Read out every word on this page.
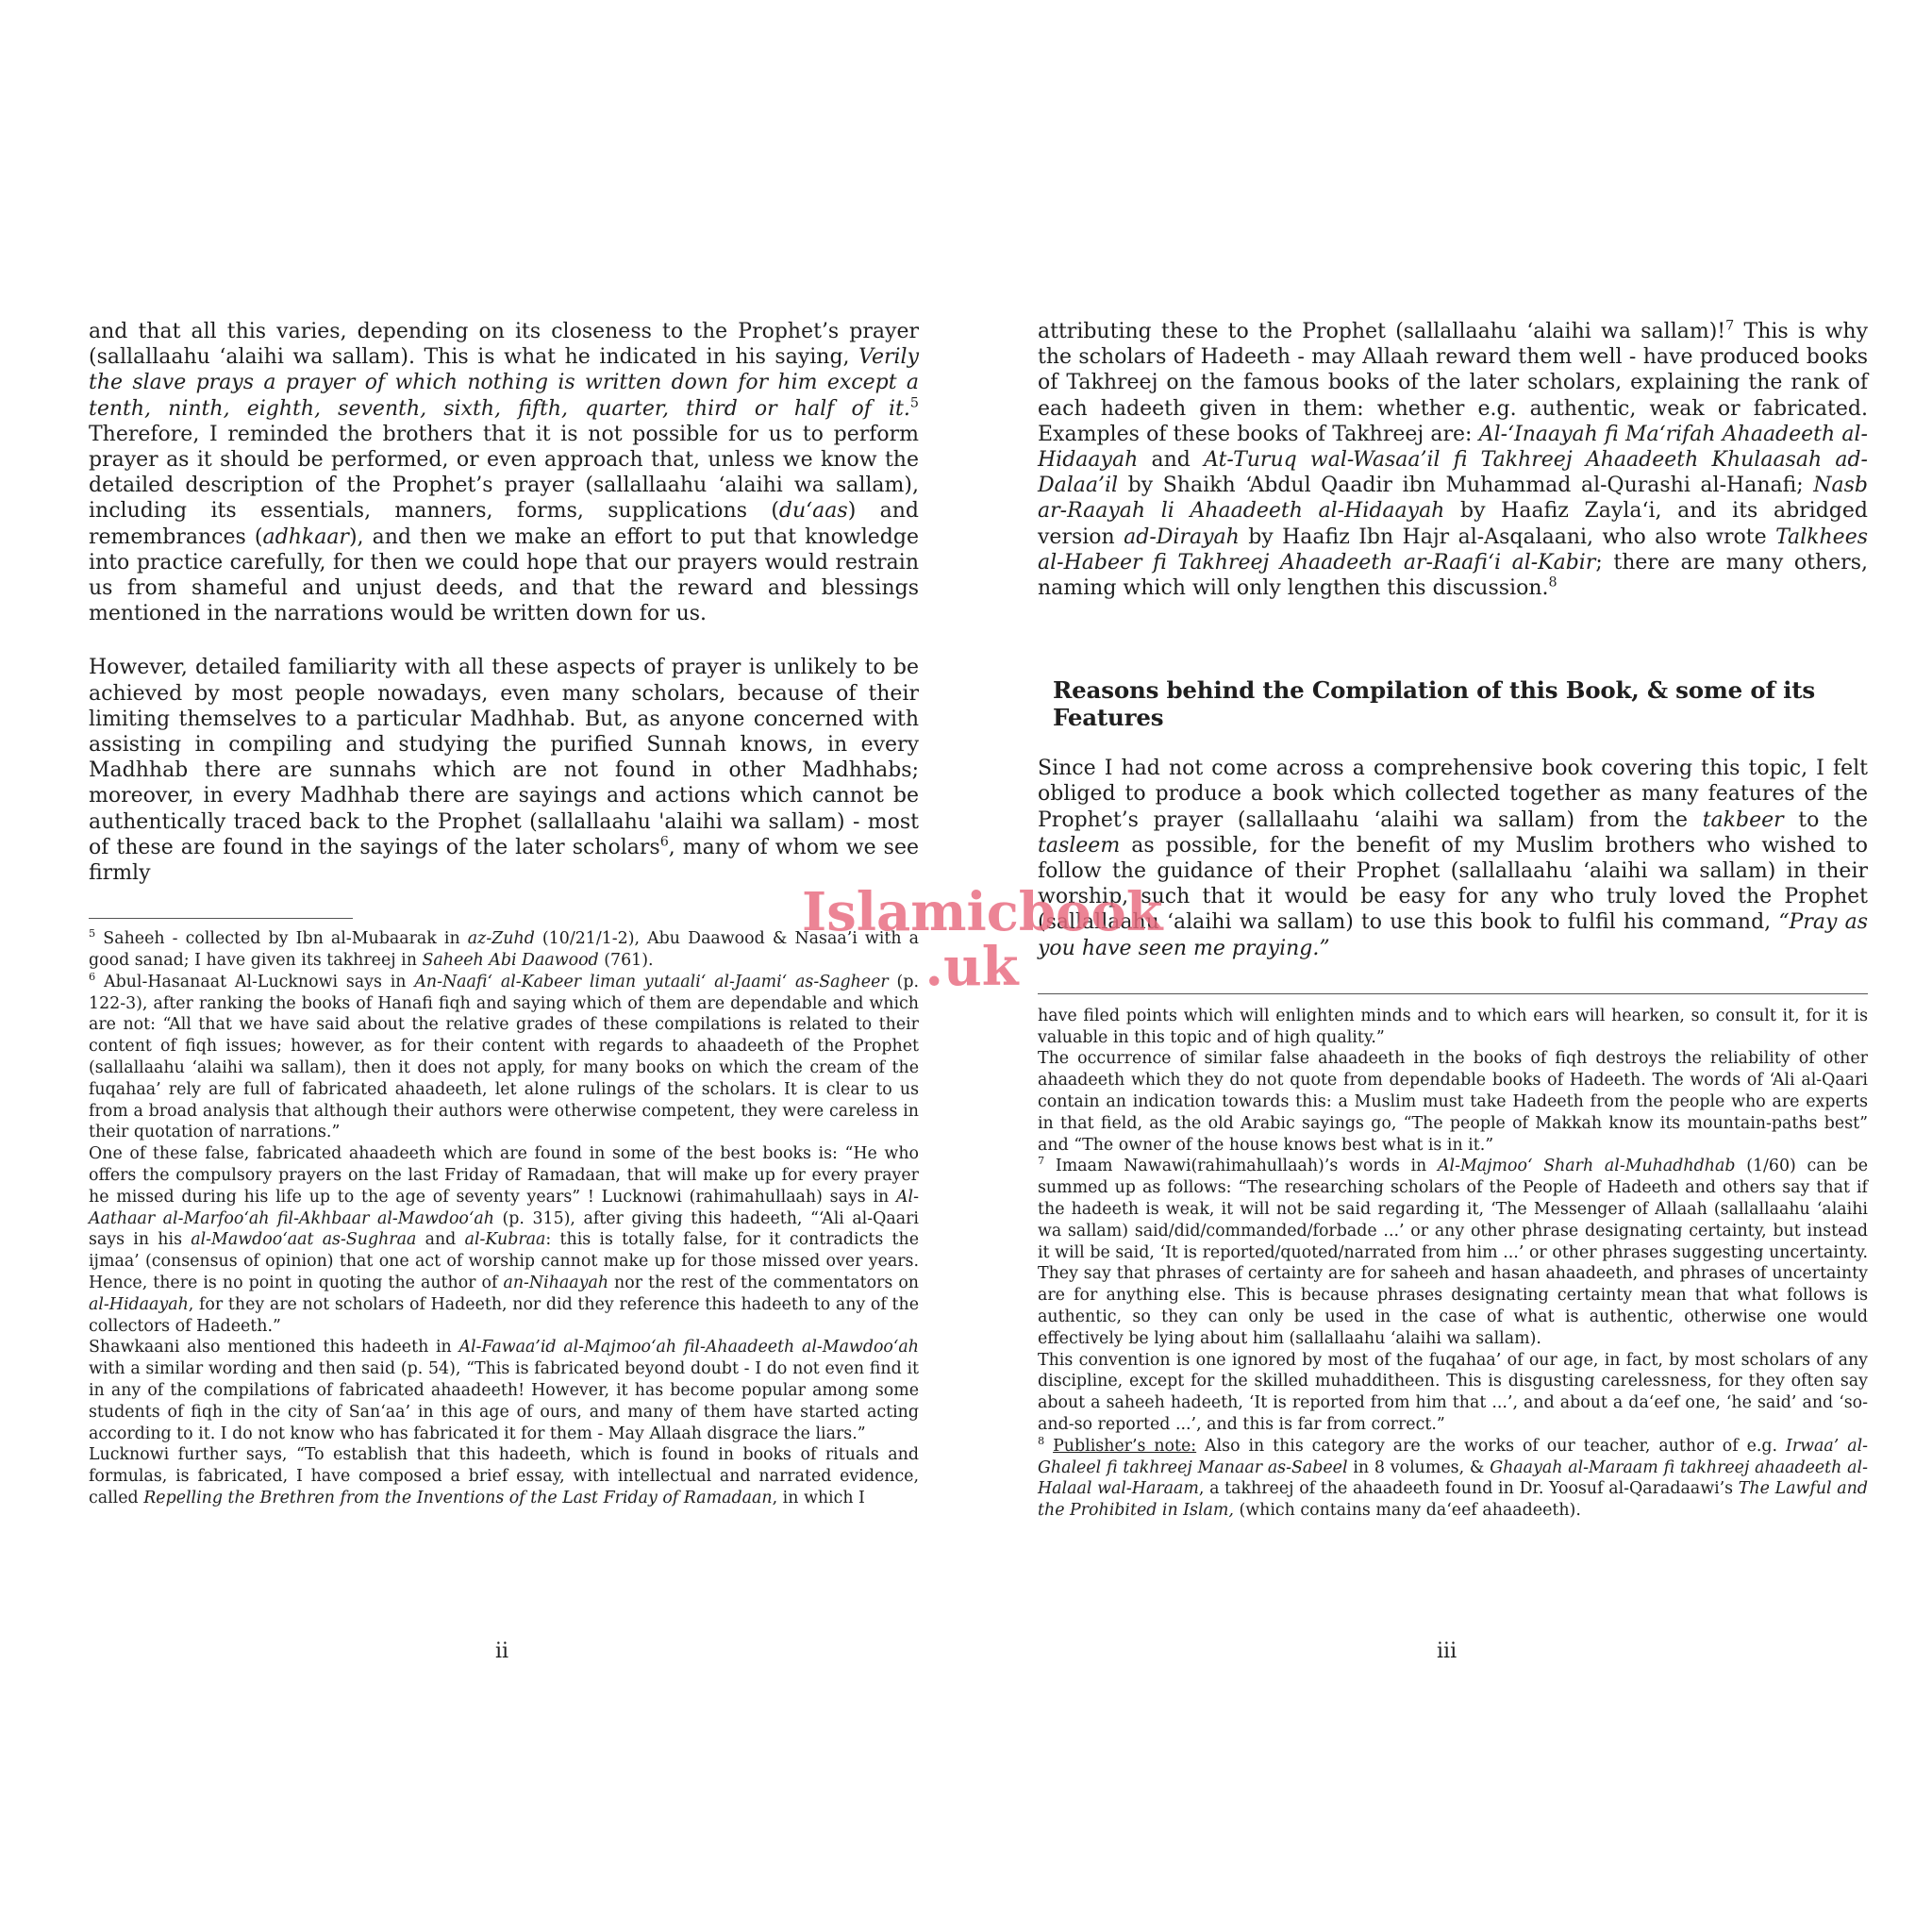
and that all this varies, depending on its closeness to the Prophet’s prayer (sallallaahu ‘alaihi wa sallam). This is what he indicated in his saying, Verily the slave prays a prayer of which nothing is written down for him except a tenth, ninth, eighth, seventh, sixth, fifth, quarter, third or half of it.$^5$ Therefore, I reminded the brothers that it is not possible for us to perform prayer as it should be performed, or even approach that, unless we know the detailed description of the Prophet’s prayer (sallallaahu ‘alaihi wa sallam), including its essentials, manners, forms, supplications (du‘aas) and remembrances (adhkaar), and then we make an effort to put that knowledge into practice carefully, for then we could hope that our prayers would restrain us from shameful and unjust deeds, and that the reward and blessings mentioned in the narrations would be written down for us.

However, detailed familiarity with all these aspects of prayer is unlikely to be achieved by most people nowadays, even many scholars, because of their limiting themselves to a particular Madhhab. But, as anyone concerned with assisting in compiling and studying the purified Sunnah knows, in every Madhhab there are sunnahs which are not found in other Madhhabs; moreover, in every Madhhab there are sayings and actions which cannot be authentically traced back to the Prophet (sallallaahu 'alaihi wa sallam) - most of these are found in the sayings of the later scholars$^6$, many of whom we see firmly

$^5$ Saheeh - collected by Ibn al-Mubaarak in az-Zuhd (10/21/1-2), Abu Daawood & Nasaa’i with a good sanad; I have given its takhreej in Saheeh Abi Daawood (761).

$^6$ Abul-Hasanaat Al-Lucknowi says in An-Naafi‘ al-Kabeer liman yutaali‘ al-Jaami‘ as-Sagheer (p. 122-3), after ranking the books of Hanafi fiqh and saying which of them are dependable and which are not: “All that we have said about the relative grades of these compilations is related to their content of fiqh issues; however, as for their content with regards to ahaadeeth of the Prophet (sallallaahu ‘alaihi wa sallam), then it does not apply, for many books on which the cream of the fuqahaa’ rely are full of fabricated ahaadeeth, let alone rulings of the scholars. It is clear to us from a broad analysis that although their authors were otherwise competent, they were careless in their quotation of narrations.”

One of these false, fabricated ahaadeeth which are found in some of the best books is: “He who offers the compulsory prayers on the last Friday of Ramadaan, that will make up for every prayer he missed during his life up to the age of seventy years” ! Lucknowi (rahimahullaah) says in Al-Aathaar al-Marfoo‘ah fil-Akhbaar al-Mawdoo‘ah (p. 315), after giving this hadeeth, “‘Ali al-Qaari says in his al-Mawdoo‘aat as-Sughraa and al-Kubraa: this is totally false, for it contradicts the ijmaa’ (consensus of opinion) that one act of worship cannot make up for those missed over years. Hence, there is no point in quoting the author of an-Nihaayah nor the rest of the commentators on al-Hidaayah, for they are not scholars of Hadeeth, nor did they reference this hadeeth to any of the collectors of Hadeeth.”

Shawkaani also mentioned this hadeeth in Al-Fawaa’id al-Majmoo‘ah fil-Ahaadeeth al-Mawdoo‘ah with a similar wording and then said (p. 54), “This is fabricated beyond doubt - I do not even find it in any of the compilations of fabricated ahaadeeth! However, it has become popular among some students of fiqh in the city of San‘aa’ in this age of ours, and many of them have started acting according to it. I do not know who has fabricated it for them - May Allaah disgrace the liars.”

Lucknowi further says, “To establish that this hadeeth, which is found in books of rituals and formulas, is fabricated, I have composed a brief essay, with intellectual and narrated evidence, called Repelling the Brethren from the Inventions of the Last Friday of Ramadaan, in which I

attributing these to the Prophet (sallallaahu ‘alaihi wa sallam)!$^7$ This is why the scholars of Hadeeth - may Allaah reward them well - have produced books of Takhreej on the famous books of the later scholars, explaining the rank of each hadeeth given in them: whether e.g. authentic, weak or fabricated. Examples of these books of Takhreej are: Al-‘Inaayah fi Ma‘rifah Ahaadeeth al-Hidaayah and At-Turuq wal-Wasaa’il fi Takhreej Ahaadeeth Khulaasah ad-Dalaa’il by Shaikh ‘Abdul Qaadir ibn Muhammad al-Qurashi al-Hanafi; Nasb ar-Raayah li Ahaadeeth al-Hidaayah by Haafiz Zayla‘i, and its abridged version ad-Dirayah by Haafiz Ibn Hajr al-Asqalaani, who also wrote Talkhees al-Habeer fi Takhreej Ahaadeeth ar-Raafi‘i al-Kabir; there are many others, naming which will only lengthen this discussion.$^8$

Reasons behind the Compilation of this Book, & some of its Features

Since I had not come across a comprehensive book covering this topic, I felt obliged to produce a book which collected together as many features of the Prophet’s prayer (sallallaahu ‘alaihi wa sallam) from the takbeer to the tasleem as possible, for the benefit of my Muslim brothers who wished to follow the guidance of their Prophet (sallallaahu ‘alaihi wa sallam) in their worship, such that it would be easy for any who truly loved the Prophet (sallallaahu ‘alaihi wa sallam) to use this book to fulfil his command, “Pray as you have seen me praying.”

have filed points which will enlighten minds and to which ears will hearken, so consult it, for it is valuable in this topic and of high quality.”

The occurrence of similar false ahaadeeth in the books of fiqh destroys the reliability of other ahaadeeth which they do not quote from dependable books of Hadeeth. The words of ‘Ali al-Qaari contain an indication towards this: a Muslim must take Hadeeth from the people who are experts in that field, as the old Arabic sayings go, “The people of Makkah know its mountain-paths best” and “The owner of the house knows best what is in it.”

$^7$ Imaam Nawawi(rahimahullaah)’s words in Al-Majmoo‘ Sharh al-Muhadhdhab (1/60) can be summed up as follows: “The researching scholars of the People of Hadeeth and others say that if the hadeeth is weak, it will not be said regarding it, ‘The Messenger of Allaah (sallallaahu ‘alaihi wa sallam) said/did/commanded/forbade ...’ or any other phrase designating certainty, but instead it will be said, ‘It is reported/quoted/narrated from him ...’ or other phrases suggesting uncertainty. They say that phrases of certainty are for saheeh and hasan ahaadeeth, and phrases of uncertainty are for anything else. This is because phrases designating certainty mean that what follows is authentic, so they can only be used in the case of what is authentic, otherwise one would effectively be lying about him (sallallaahu ‘alaihi wa sallam).

This convention is one ignored by most of the fuqahaa’ of our age, in fact, by most scholars of any discipline, except for the skilled muhadditheen. This is disgusting carelessness, for they often say about a saheeh hadeeth, ‘It is reported from him that ...’, and about a da‘eef one, ‘he said’ and ‘so-and-so reported ...’, and this is far from correct.”

$^8$ Publisher’s note: Also in this category are the works of our teacher, author of e.g. Irwaa’ al-Ghaleel fi takhreej Manaar as-Sabeel in 8 volumes, & Ghaayah al-Maraam fi takhreej ahaadeeth al-Halaal wal-Haraam, a takhreej of the ahaadeeth found in Dr. Yoosuf al-Qaradaawi’s The Lawful and the Prohibited in Islam, (which contains many da‘eef ahaadeeth).

ii	iii
Islamicbook
.uk
